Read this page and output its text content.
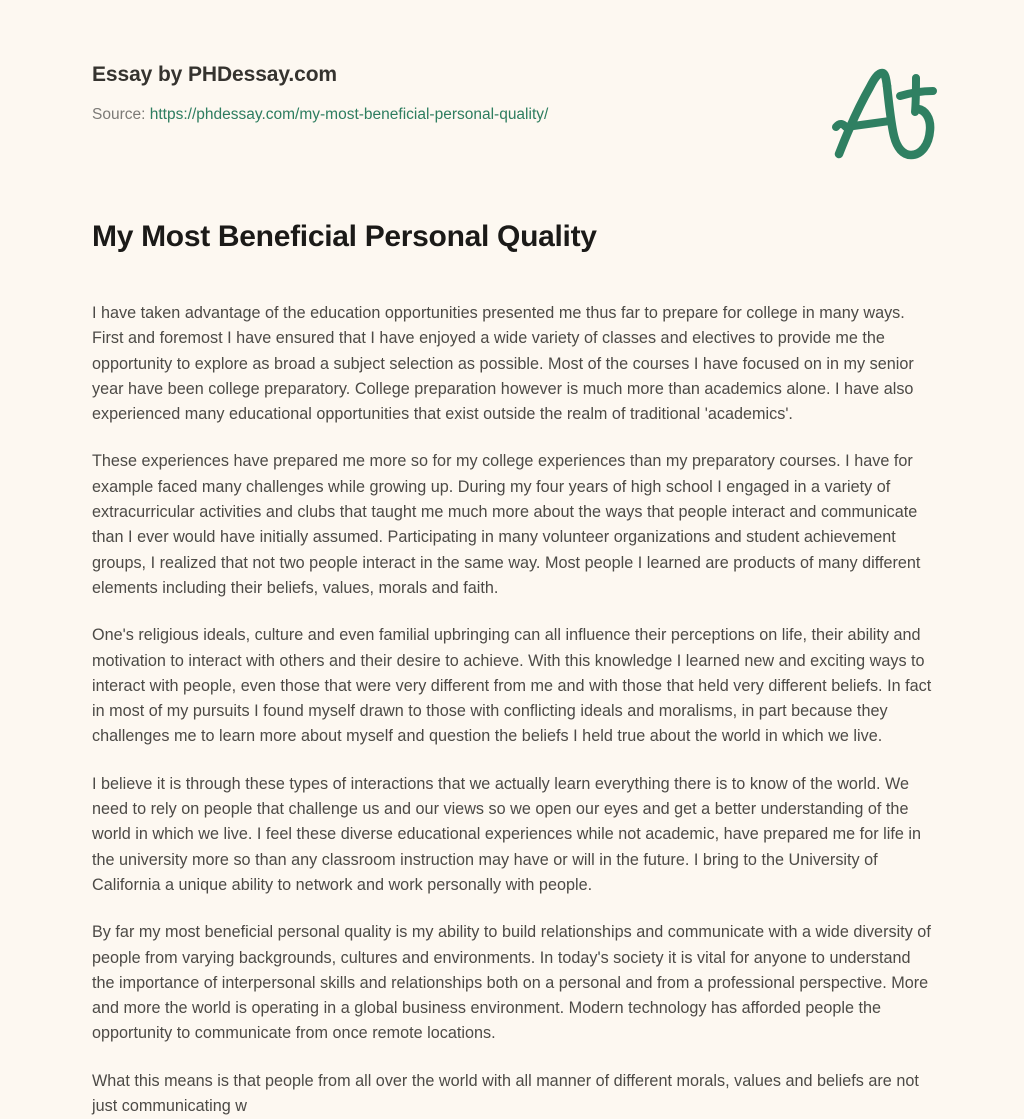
Essay by PHDessay.com
Source: https://phdessay.com/my-most-beneficial-personal-quality/
My Most Beneficial Personal Quality

I have taken advantage of the education opportunities presented me thus far to prepare for college in many ways. First and foremost I have ensured that I have enjoyed a wide variety of classes and electives to provide me the opportunity to explore as broad a subject selection as possible. Most of the courses I have focused on in my senior year have been college preparatory. College preparation however is much more than academics alone. I have also experienced many educational opportunities that exist outside the realm of traditional 'academics'.

These experiences have prepared me more so for my college experiences than my preparatory courses. I have for example faced many challenges while growing up. During my four years of high school I engaged in a variety of extracurricular activities and clubs that taught me much more about the ways that people interact and communicate than I ever would have initially assumed. Participating in many volunteer organizations and student achievement groups, I realized that not two people interact in the same way. Most people I learned are products of many different elements including their beliefs, values, morals and faith.

One's religious ideals, culture and even familial upbringing can all influence their perceptions on life, their ability and motivation to interact with others and their desire to achieve. With this knowledge I learned new and exciting ways to interact with people, even those that were very different from me and with those that held very different beliefs. In fact in most of my pursuits I found myself drawn to those with conflicting ideals and moralisms, in part because they challenges me to learn more about myself and question the beliefs I held true about the world in which we live.

I believe it is through these types of interactions that we actually learn everything there is to know of the world. We need to rely on people that challenge us and our views so we open our eyes and get a better understanding of the world in which we live. I feel these diverse educational experiences while not academic, have prepared me for life in the university more so than any classroom instruction may have or will in the future. I bring to the University of California a unique ability to network and work personally with people.

By far my most beneficial personal quality is my ability to build relationships and communicate with a wide diversity of people from varying backgrounds, cultures and environments. In today's society it is vital for anyone to understand the importance of interpersonal skills and relationships both on a personal and from a professional perspective. More and more the world is operating in a global business environment. Modern technology has afforded people the opportunity to communicate from once remote locations.

What this means is that people from all over the world with all manner of different morals, values and beliefs are not just communicating w
